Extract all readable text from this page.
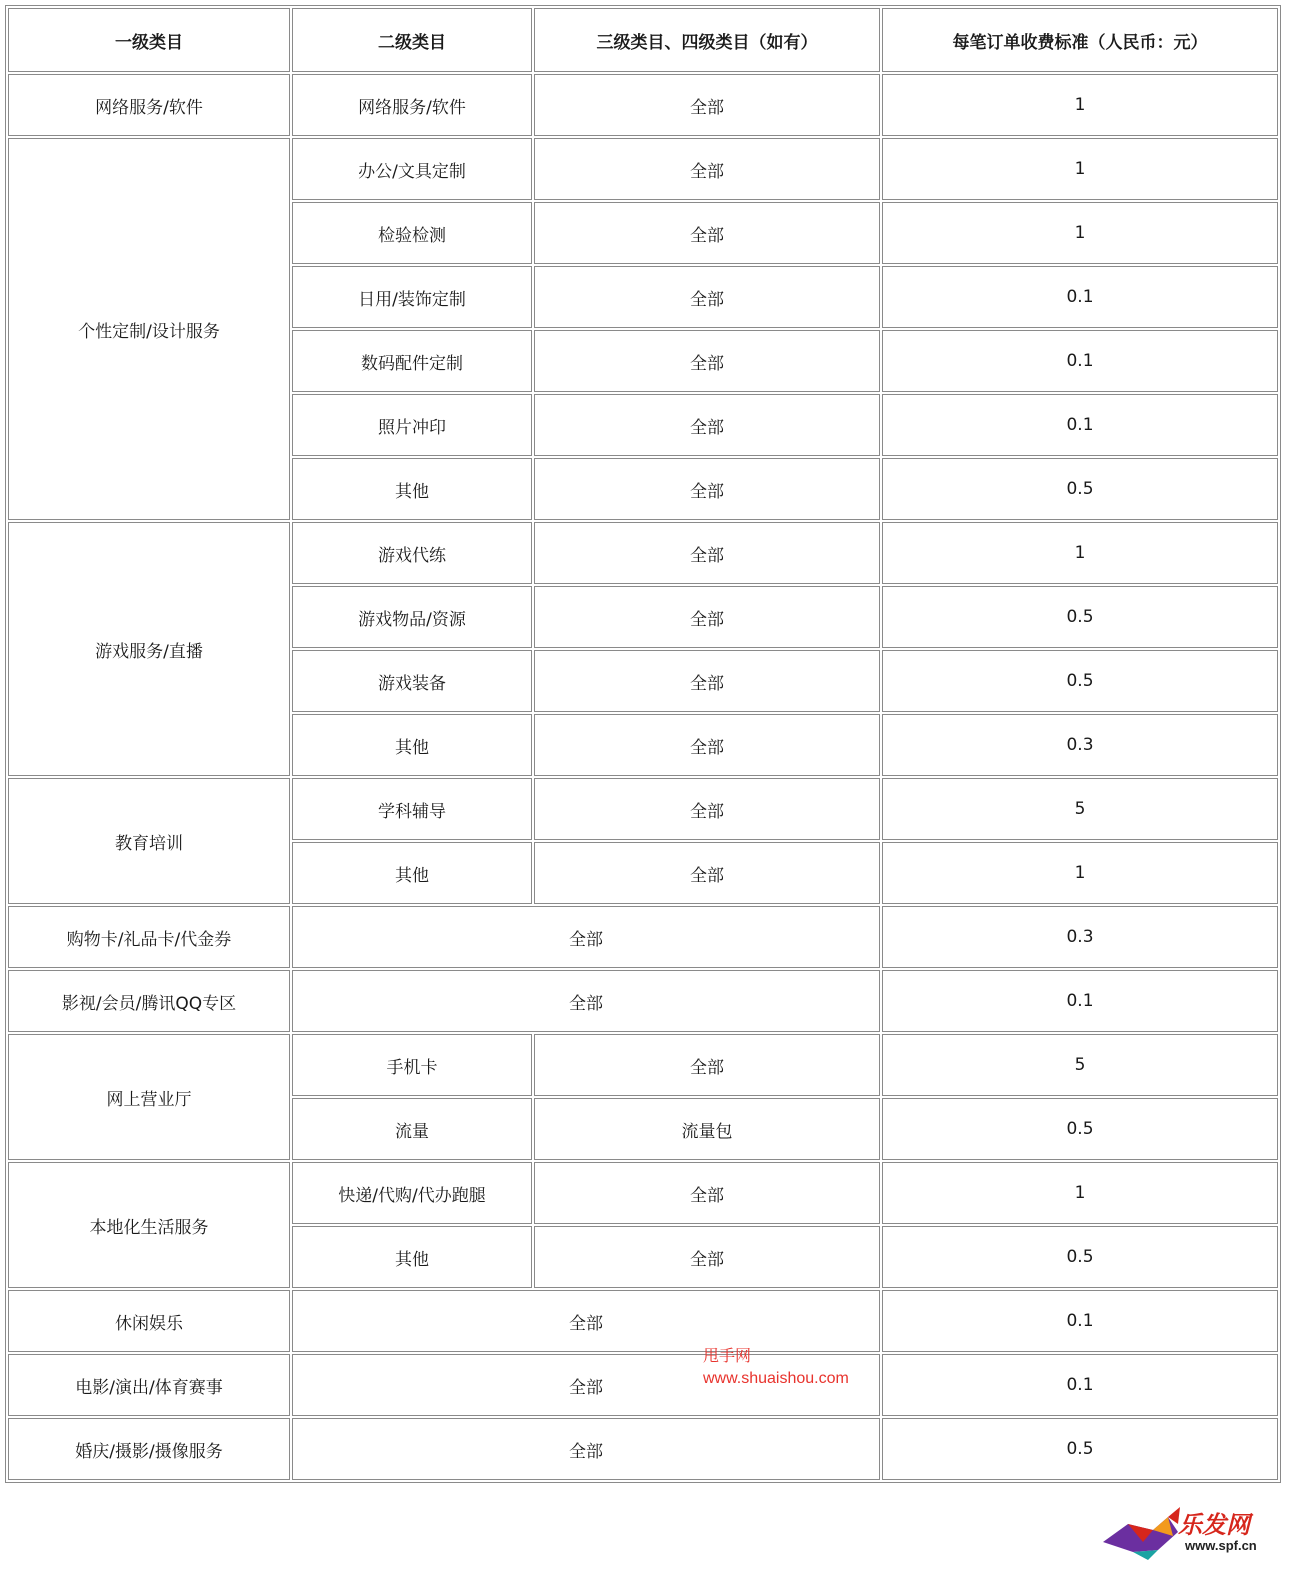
一级类目	二级类目	三级类目、四级类目（如有）	每笔订单收费标准（人民币：元）
网络服务/软件	网络服务/软件	全部	1
个性定制/设计服务	办公/文具定制	全部	1
	检验检测	全部	1
	日用/装饰定制	全部	0.1
	数码配件定制	全部	0.1
	照片冲印	全部	0.1
	其他	全部	0.5
游戏服务/直播	游戏代练	全部	1
	游戏物品/资源	全部	0.5
	游戏装备	全部	0.5
	其他	全部	0.3
教育培训	学科辅导	全部	5
	其他	全部	1
购物卡/礼品卡/代金券	全部		0.3
影视/会员/腾讯QQ专区	全部		0.1
网上营业厅	手机卡	全部	5
	流量	流量包	0.5
本地化生活服务	快递/代购/代办跑腿	全部	1
	其他	全部	0.5
休闲娱乐	全部		0.1
电影/演出/体育赛事	全部		0.1
婚庆/摄影/摄像服务	全部		0.5
甩手网
www.shuaishou.com
乐发网
www.spf.cn
